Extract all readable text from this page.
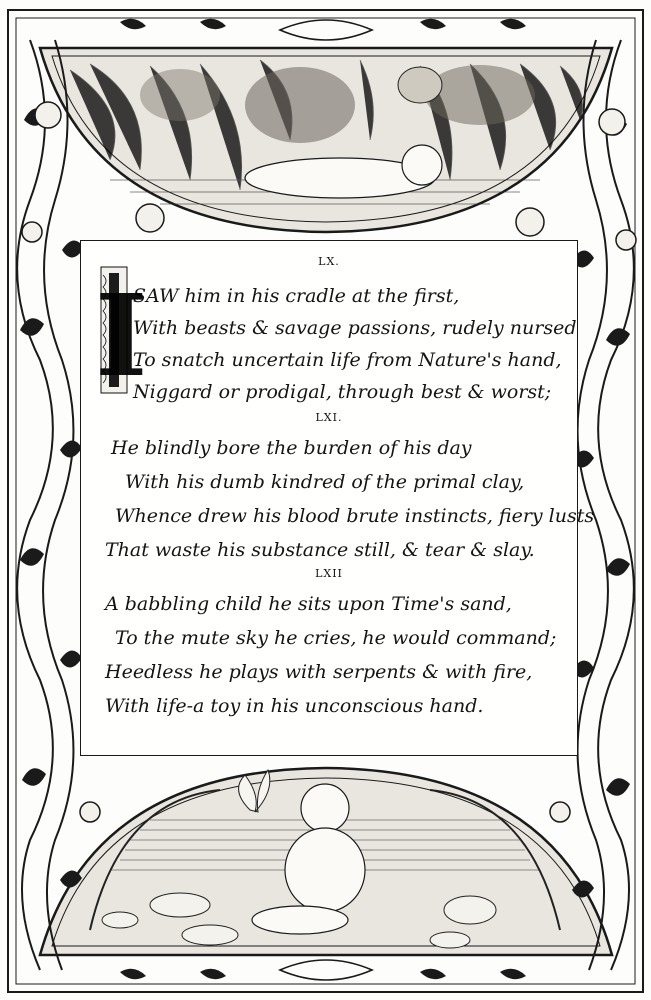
LX.
SAW him in his cradle at the first,
With beasts & savage passions, rudely nursed
To snatch uncertain life from Nature's hand,
Niggard or prodigal, through best & worst;
LXI.
He blindly bore the burden of his day
With his dumb kindred of the primal clay,
Whence drew his blood brute instincts, fiery lusts
That waste his substance still, & tear & slay.
LXII
A babbling child he sits upon Time's sand,
To the mute sky he cries, he would command;
Heedless he plays with serpents & with fire,
With life-a toy in his unconscious hand.
I
